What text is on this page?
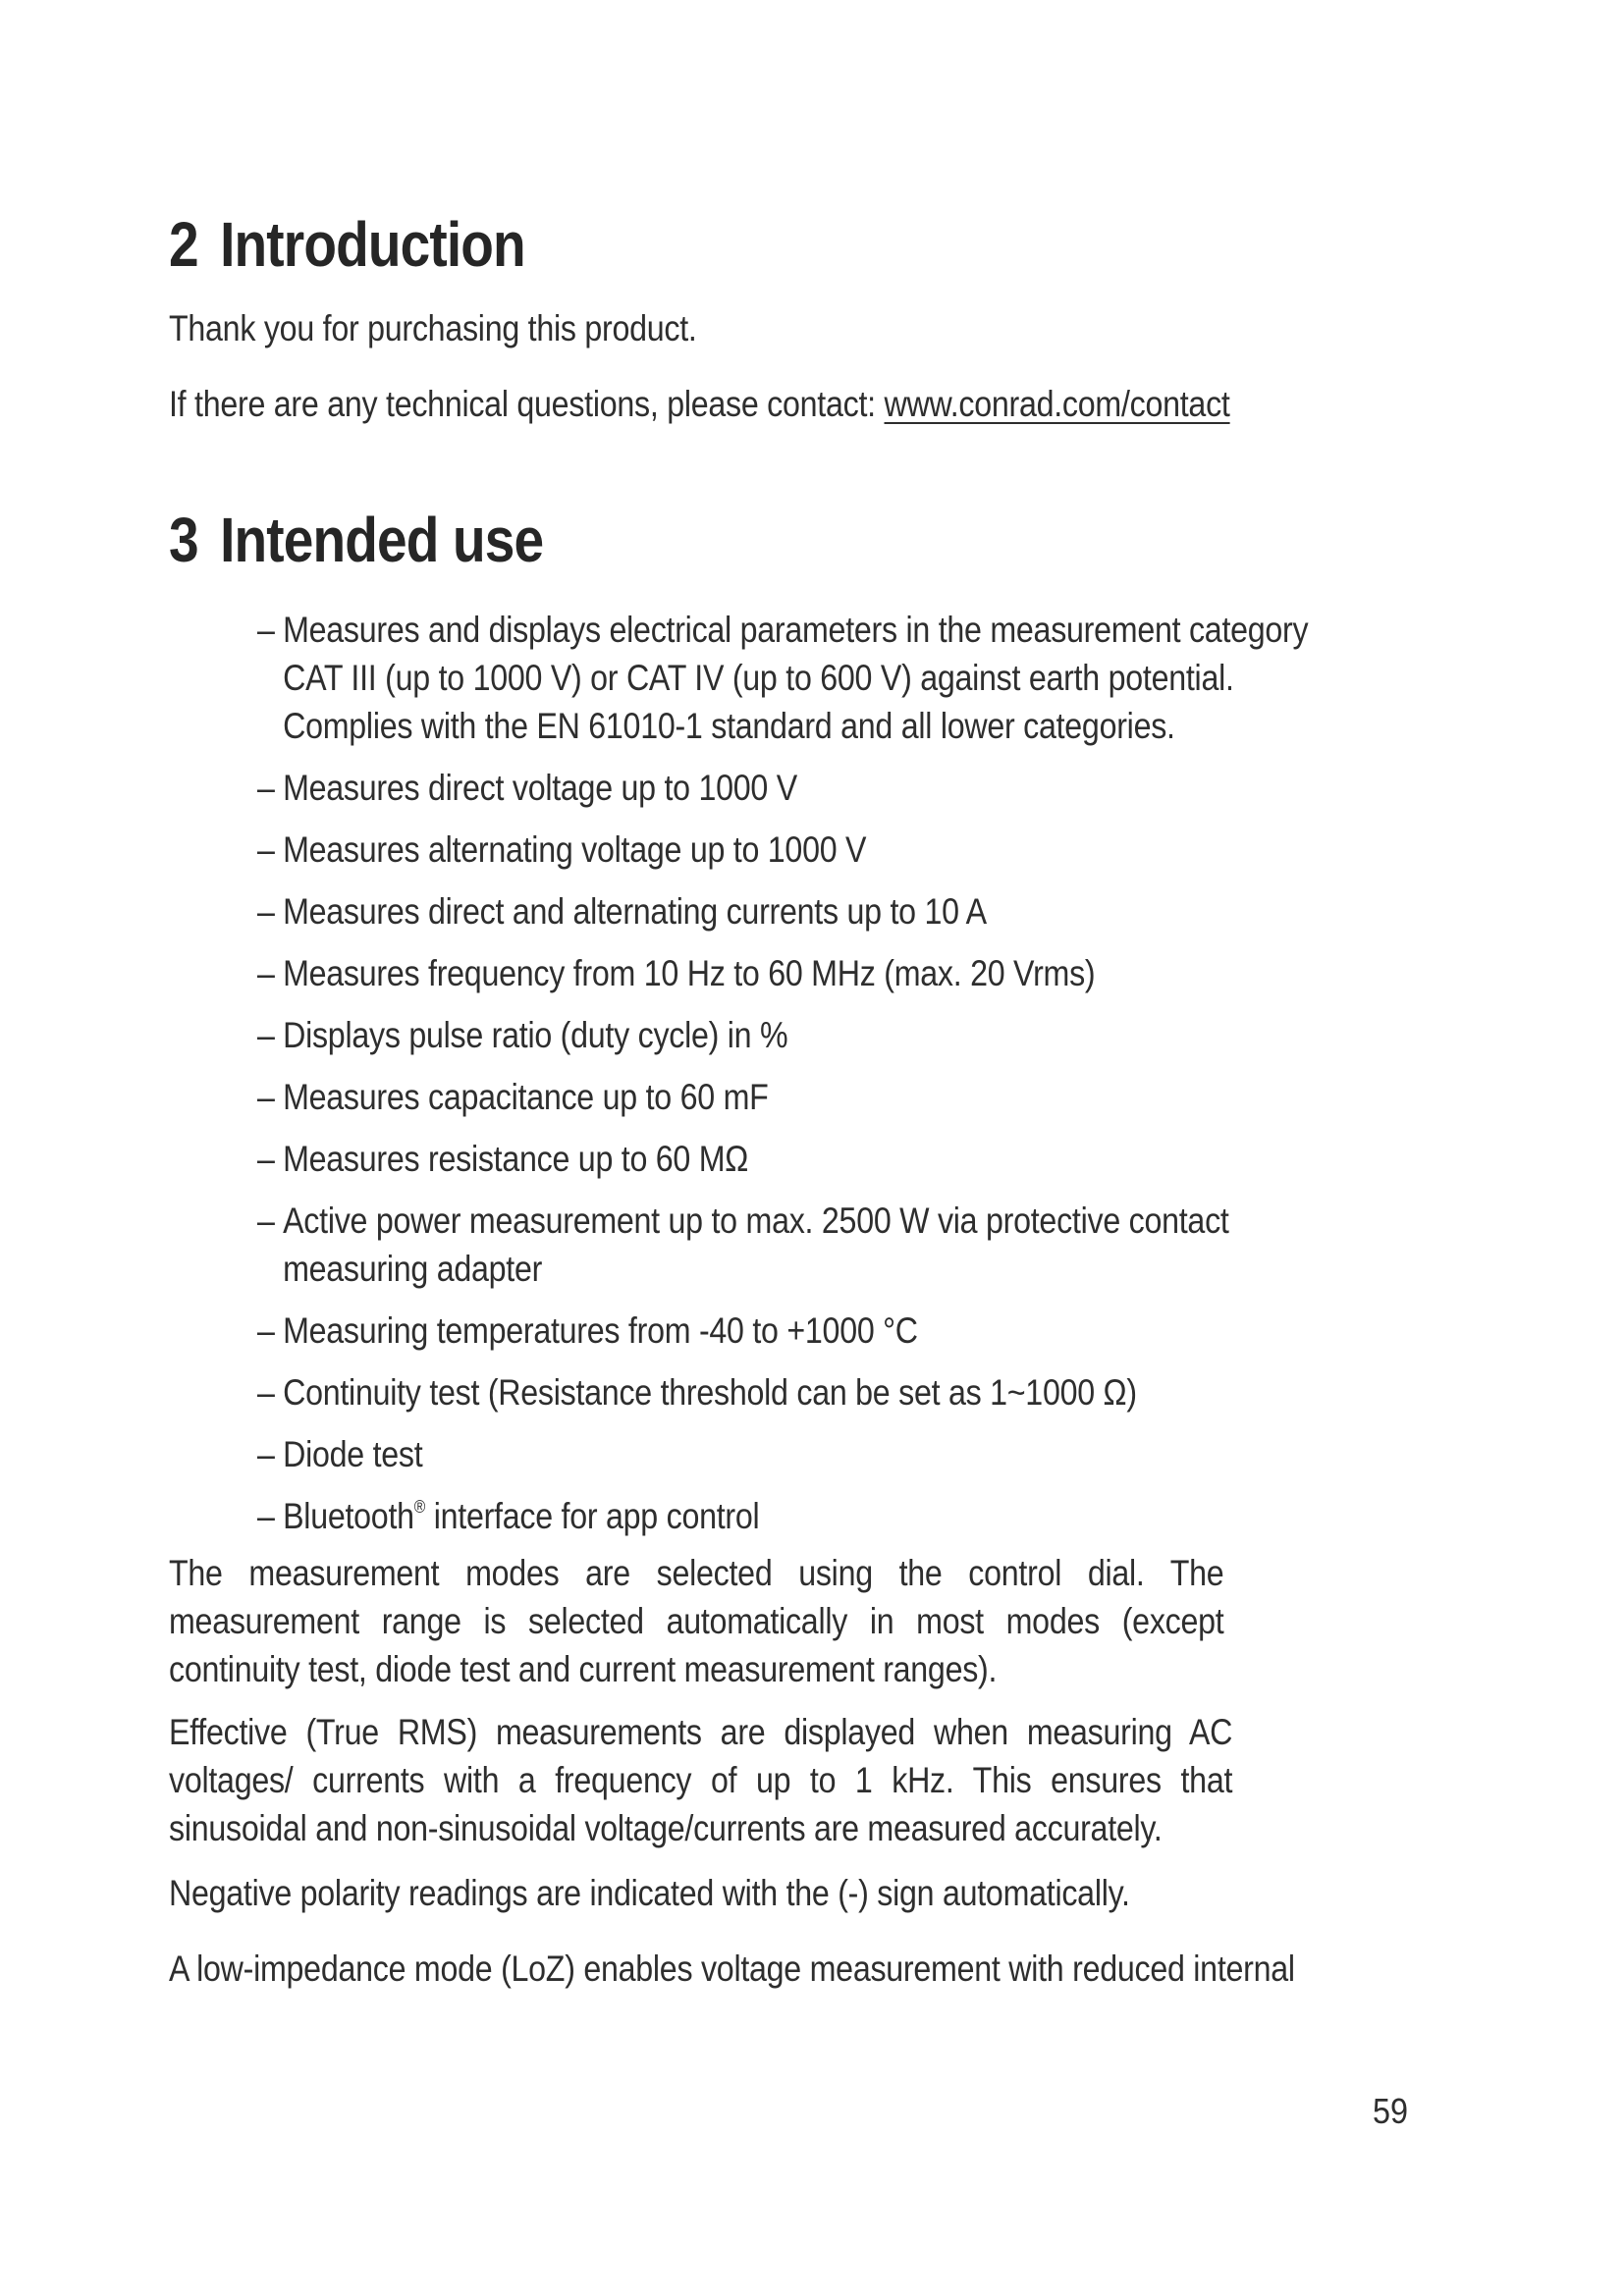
2 Introduction

Thank you for purchasing this product.

If there are any technical questions, please contact: www.conrad.com/contact

3 Intended use
– Measures and displays electrical parameters in the measurement category CAT III (up to 1000 V) or CAT IV (up to 600 V) against earth potential. Complies with the EN 61010-1 standard and all lower categories.
– Measures direct voltage up to 1000 V
– Measures alternating voltage up to 1000 V
– Measures direct and alternating currents up to 10 A
– Measures frequency from 10 Hz to 60 MHz (max. 20 Vrms)
– Displays pulse ratio (duty cycle) in %
– Measures capacitance up to 60 mF
– Measures resistance up to 60 MΩ
– Active power measurement up to max. 2500 W via protective contact measuring adapter
– Measuring temperatures from -40 to +1000 °C
– Continuity test (Resistance threshold can be set as 1~1000 Ω)
– Diode test
– Bluetooth® interface for app control

The measurement modes are selected using the control dial. The measurement range is selected automatically in most modes (except continuity test, diode test and current measurement ranges).

Effective (True RMS) measurements are displayed when measuring AC voltages/ currents with a frequency of up to 1 kHz. This ensures that sinusoidal and non-sinusoidal voltage/currents are measured accurately.

Negative polarity readings are indicated with the (-) sign automatically.

A low-impedance mode (LoZ) enables voltage measurement with reduced internal

59
